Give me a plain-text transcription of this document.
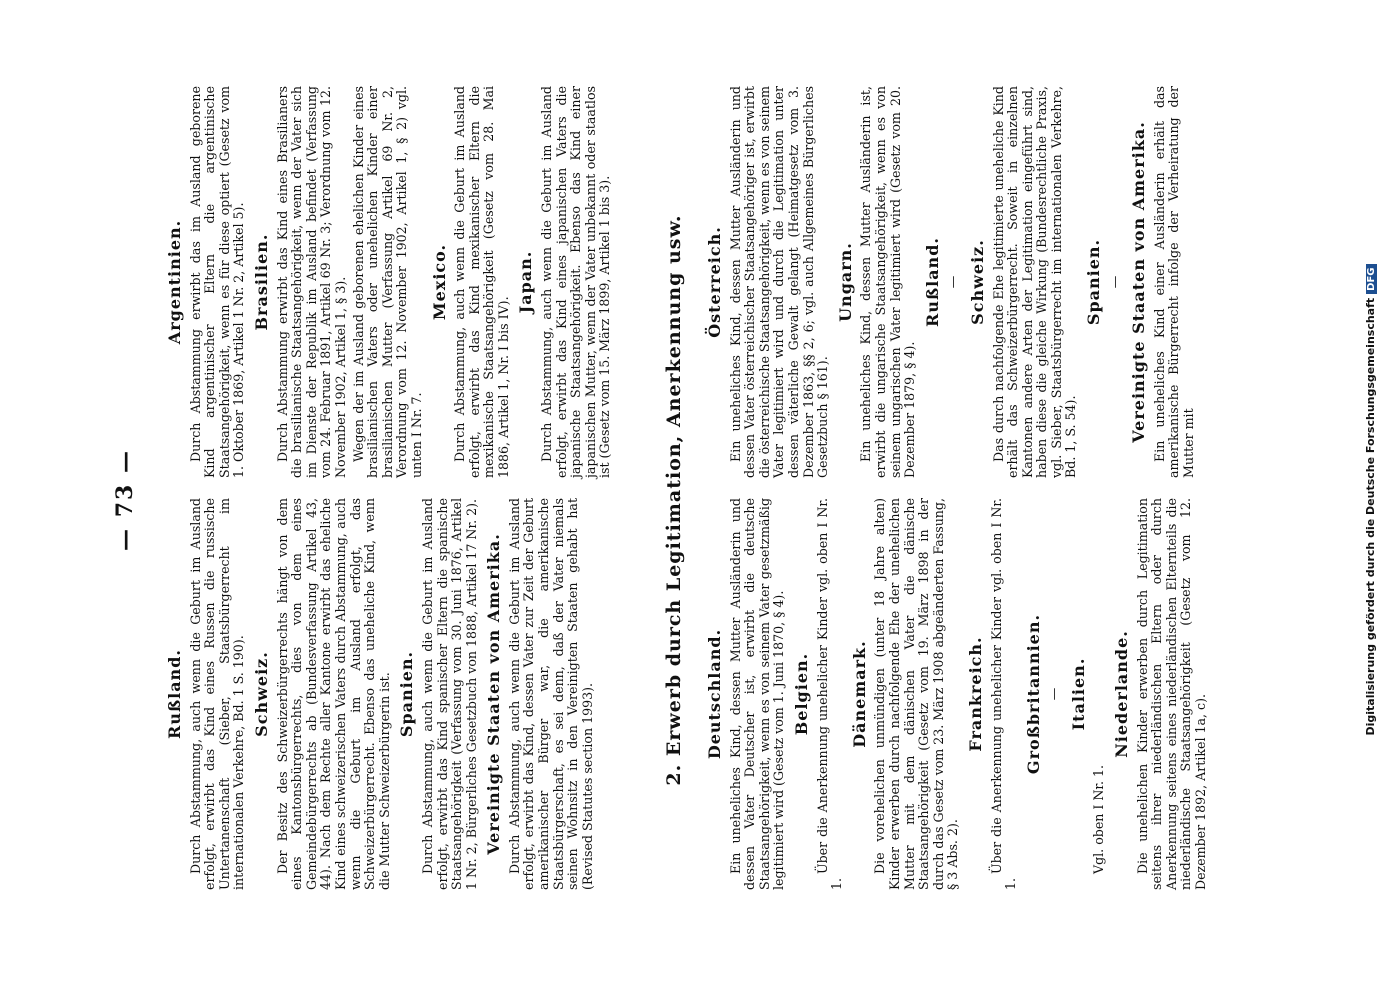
— 73 —
Rußland. Durch Abstammung, auch wenn die Geburt im Ausland erfolgt, erwirbt das Kind eines Russen die russische Untertanenschaft (Sieber, Staatsbürgerrecht im internationalen Verkehre, Bd. 1 S. 190). Schweiz. Der Besitz des Schweizerbürgerrechts hängt von dem eines Kantonsbürgerrechts, dies von dem eines Gemeindebürgerrechts ab (Bundesverfassung Artikel 43, 44). Nach dem Rechte aller Kantone erwirbt das eheliche Kind eines schweizerischen Vaters durch Abstammung, auch wenn die Geburt im Ausland erfolgt, das Schweizerbürgerrecht. Ebenso das uneheliche Kind, wenn die Mutter Schweizerbürgerin ist. Spanien. Durch Abstammung, auch wenn die Geburt im Ausland erfolgt, erwirbt das Kind spanischer Eltern die spanische Staatsangehörigkeit (Verfassung vom 30. Juni 1876, Artikel 1 Nr. 2, Bürgerliches Gesetzbuch von 1888, Artikel 17 Nr. 2). Vereinigte Staaten von Amerika. Durch Abstammung, auch wenn die Geburt im Ausland erfolgt, erwirbt das Kind, dessen Vater zur Zeit der Geburt amerikanischer Bürger war, die amerikanische Staatsbürgerschaft, es sei denn, daß der Vater niemals seinen Wohnsitz in den Vereinigten Staaten gehabt hat (Revised Statutes section 1993).

Argentinien. Durch Abstammung erwirbt das im Ausland geborene Kind argentinischer Eltern die argentinische Staatsangehörigkeit, wenn es für diese optiert (Gesetz vom 1. Oktober 1869, Artikel 1 Nr. 2, Artikel 5). Brasilien. Durch Abstammung erwirbt das Kind eines Brasilianers die brasilianische Staatsangehörigkeit, wenn der Vater sich im Dienste der Republik im Ausland befindet (Verfassung vom 24. Februar 1891, Artikel 69 Nr. 3; Verordnung vom 12. November 1902, Artikel 1, § 3). Wegen der im Ausland geborenen ehelichen Kinder eines brasilianischen Vaters oder unehelichen Kinder einer brasilianischen Mutter (Verfassung Artikel 69 Nr. 2, Verordnung vom 12. November 1902, Artikel 1, § 2) vgl. unten I Nr. 7.

Mexico. Durch Abstammung, auch wenn die Geburt im Ausland erfolgt, erwirbt das Kind mexikanischer Eltern die mexikanische Staatsangehörigkeit (Gesetz vom 28. Mai 1886, Artikel 1, Nr. I bis IV).

Japan. Durch Abstammung, auch wenn die Geburt im Ausland erfolgt, erwirbt das Kind eines japanischen Vaters die japanische Staatsangehörigkeit. Ebenso das Kind einer japanischen Mutter, wenn der Vater unbekannt oder staatlos ist (Gesetz vom 15. März 1899, Artikel 1 bis 3).	2. Erwerb durch Legitimation, Anerkennung usw. Deutschland. Ein uneheliches Kind, dessen Mutter Ausländerin und dessen Vater Deutscher ist, erwirbt die deutsche Staatsangehörigkeit, wenn es von seinem Vater gesetzmäßig legitimiert wird (Gesetz vom 1. Juni 1870, § 4). Belgien. Über die Anerkennung unehelicher Kinder vgl. oben I Nr. 1.

Dänemark. Die vorehelichen unmündigen (unter 18 Jahre alten) Kinder erwerben durch nachfolgende Ehe der unehelichen Mutter mit dem dänischen Vater die dänische Staatsangehörigkeit (Gesetz vom 19. März 1898 in der durch das Gesetz vom 23. März 1908 abgeänderten Fassung, § 3 Abs. 2).

Frankreich. Über die Anerkennung unehelicher Kinder vgl. oben I Nr. 1.

Großbritannien. — Italien.

Vgl. oben I Nr. 1.

Niederlande. Die unehelichen Kinder erwerben durch Legitimation seitens ihrer niederländischen Eltern oder durch Anerkennung seitens eines niederländischen Elternteils die niederländische Staatsangehörigkeit (Gesetz vom 12. Dezember 1892, Artikel 1a, c).

Österreich. Ein uneheliches Kind, dessen Mutter Ausländerin und dessen Vater österreichischer Staatsangehöriger ist, erwirbt die österreichische Staatsangehörigkeit, wenn es von seinem Vater legitimiert wird und durch die Legitimation unter dessen väterliche Gewalt gelangt (Heimatgesetz vom 3. Dezember 1863, §§ 2, 6; vgl. auch Allgemeines Bürgerliches Gesetzbuch § 161).

Ungarn. Ein uneheliches Kind, dessen Mutter Ausländerin ist, erwirbt die ungarische Staatsangehörigkeit, wenn es von seinem ungarischen Vater legitimiert wird (Gesetz vom 20. Dezember 1879, § 4).

Rußland. — Schweiz. Das durch nachfolgende Ehe legitimierte uneheliche Kind erhält das Schweizerbürgerrecht. Soweit in einzelnen Kantonen andere Arten der Legitimation eingeführt sind, haben diese die gleiche Wirkung (Bundesrechtliche Praxis, vgl. Sieber, Staatsbürgerrecht im internationalen Verkehre, Bd. 1, S. 54).

Spanien. — Vereinigte Staaten von Amerika. Ein uneheliches Kind einer Ausländerin erhält das amerikanische Bürgerrecht infolge der Verheiratung der Mutter mit	Digitalisierung gefördert durch die Deutsche ForschungsgemeinschaftDFG
